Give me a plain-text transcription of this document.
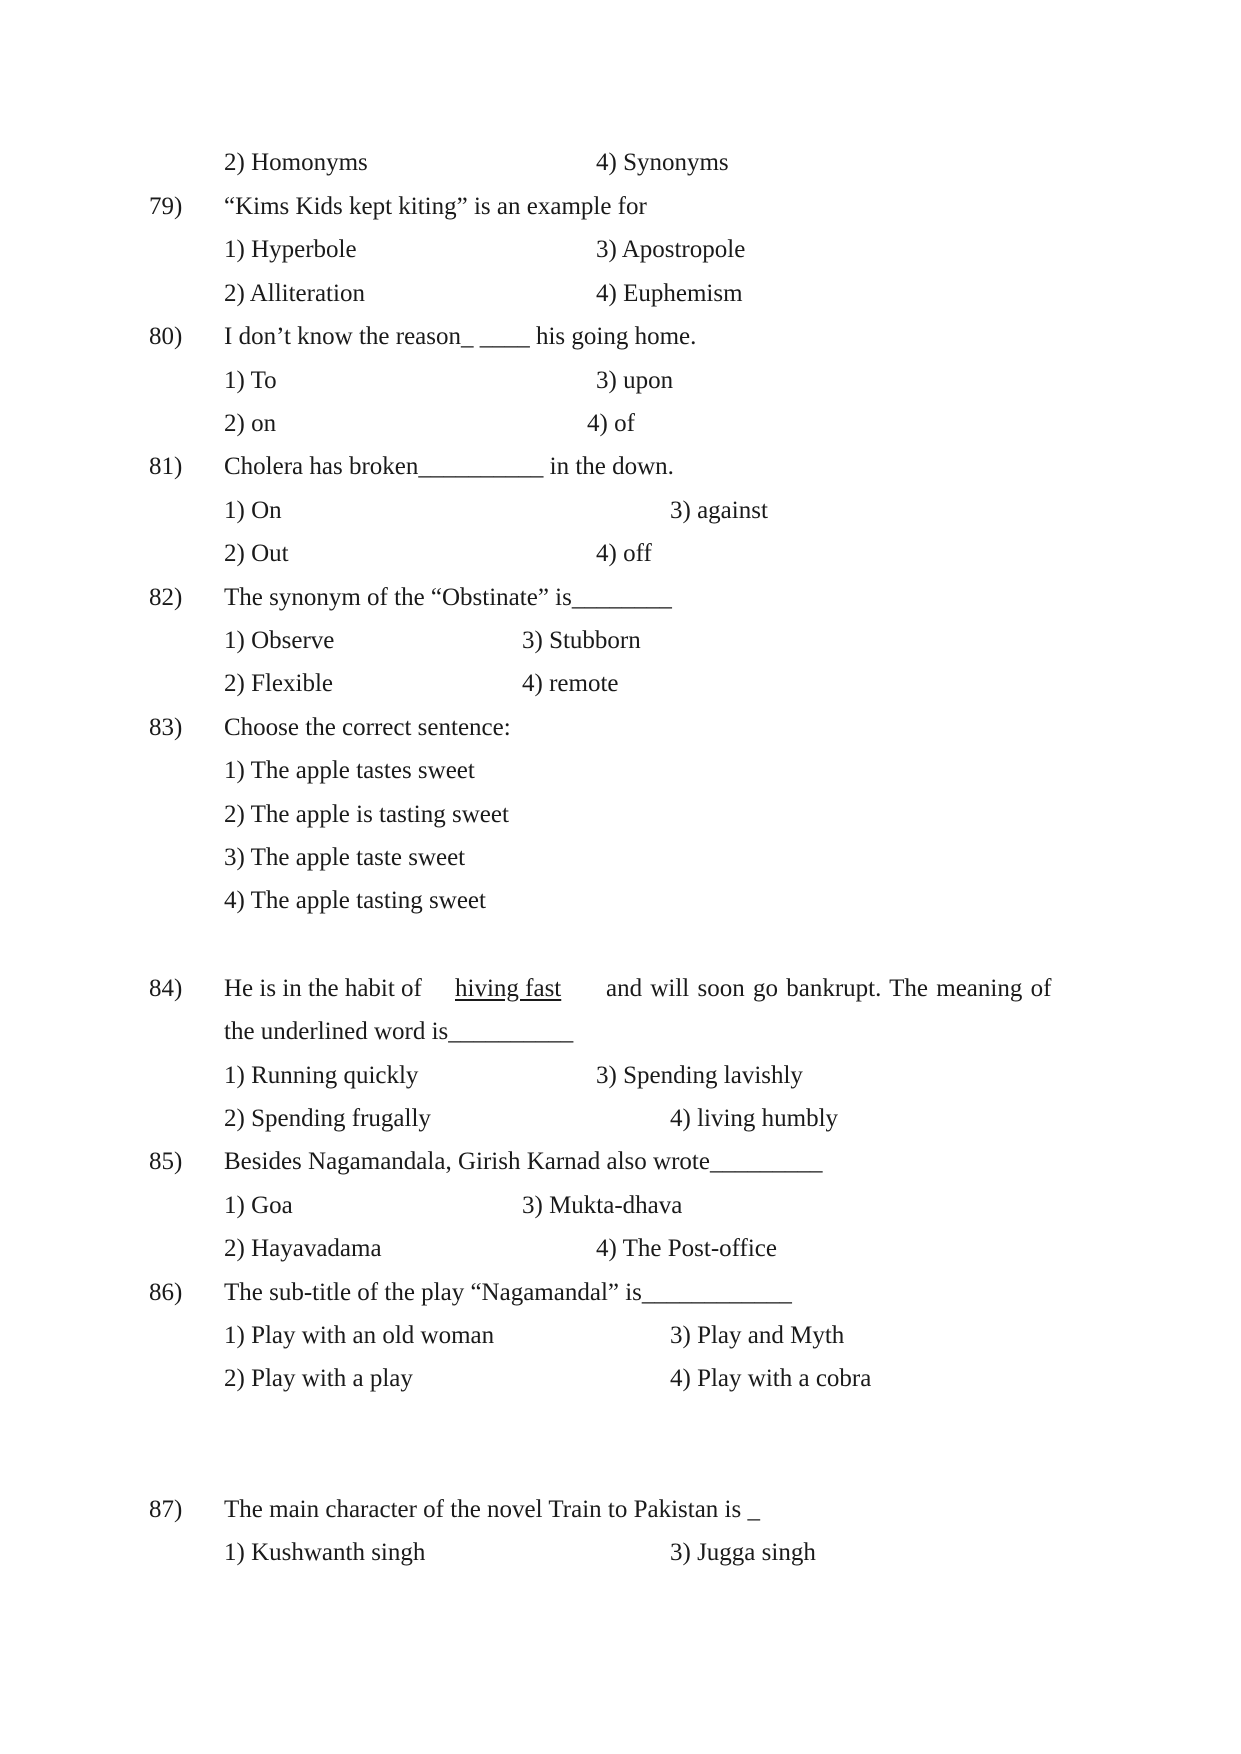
2) Homonyms	4) Synonyms
79) “Kims Kids kept kiting” is an example for
1) Hyperbole	3) Apostropole
2) Alliteration	4) Euphemism
80) I don’t know the reason_ ____ his going home.
1) To	3) upon
2) on	4) of
81) Cholera has broken__________ in the down.
1) On	3) against
2) Out	4) off
82) The synonym of the “Obstinate” is________
1) Observe	3) Stubborn
2) Flexible	4) remote
83) Choose the correct sentence:
1) The apple tastes sweet
2) The apple is tasting sweet
3) The apple taste sweet
4) The apple tasting sweet
84) He is in the habit of hiving fast and will soon go bankrupt. The meaning of
the underlined word is__________
1) Running quickly	3) Spending lavishly
2) Spending frugally	4) living humbly
85) Besides Nagamandala, Girish Karnad also wrote_________
1) Goa	3) Mukta-dhava
2) Hayavadama	4) The Post-office
86) The sub-title of the play “Nagamandal” is____________
1) Play with an old woman	3) Play and Myth
2) Play with a play	4) Play with a cobra
87) The main character of the novel Train to Pakistan is _
1) Kushwanth singh	3) Jugga singh
